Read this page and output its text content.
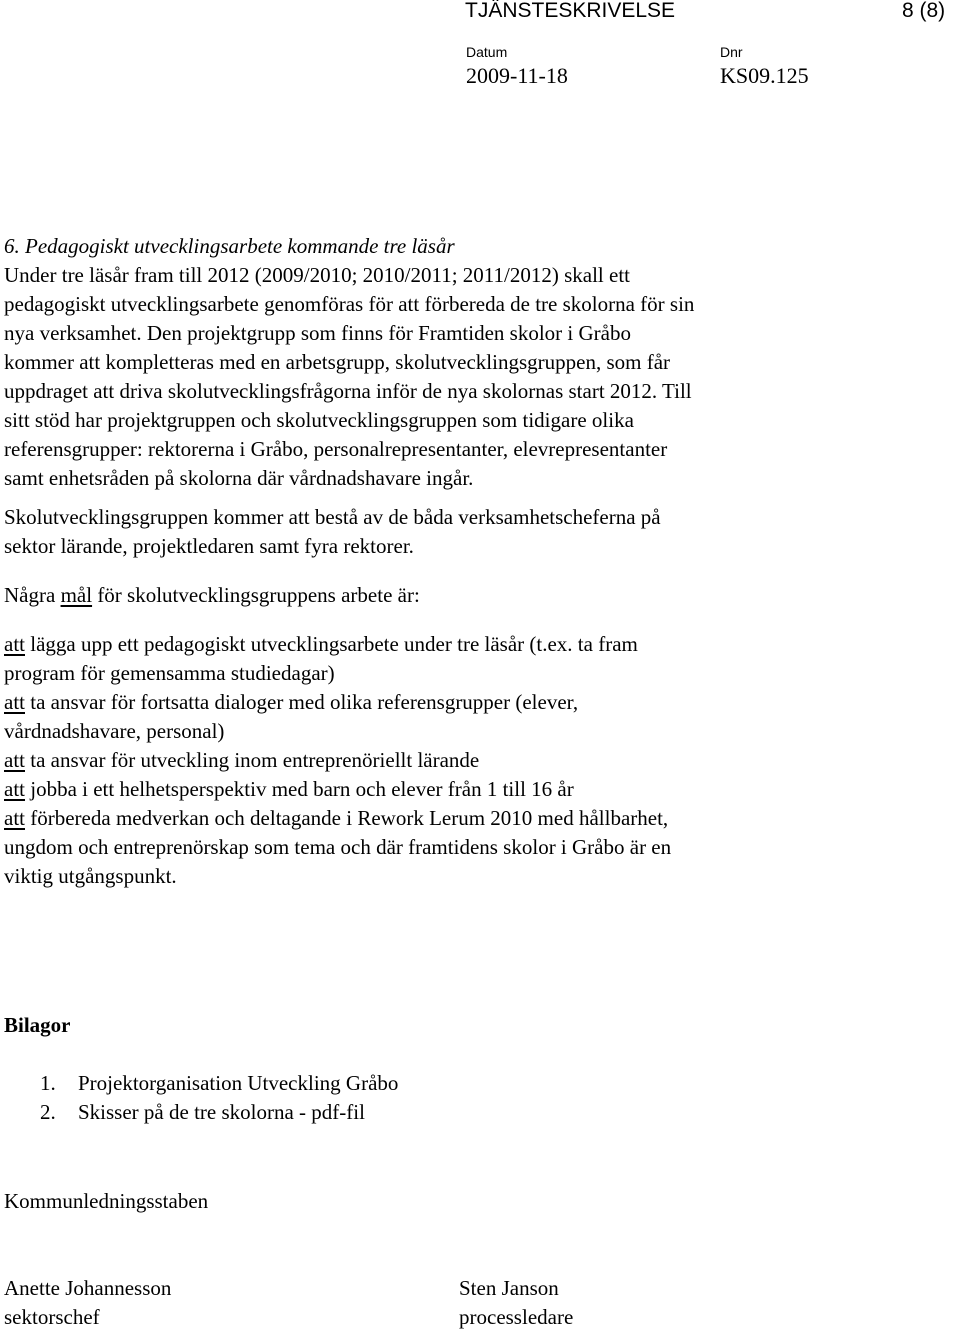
TJÄNSTESKRIVELSE	8 (8)
Datum
2009-11-18
Dnr
KS09.125

6. Pedagogiskt utvecklingsarbete kommande tre läsår

Under tre läsår fram till 2012 (2009/2010; 2010/2011; 2011/2012) skall ett

pedagogiskt utvecklingsarbete genomföras för att förbereda de tre skolorna för sin

nya verksamhet. Den projektgrupp som finns för Framtiden skolor i Gråbo

kommer att kompletteras med en arbetsgrupp, skolutvecklingsgruppen, som får

uppdraget att driva skolutvecklingsfrågorna inför de nya skolornas start 2012. Till

sitt stöd har projektgruppen och skolutvecklingsgruppen som tidigare olika

referensgrupper: rektorerna i Gråbo, personalrepresentanter, elevrepresentanter

samt enhetsråden på skolorna där vårdnadshavare ingår.

Skolutvecklingsgruppen kommer att bestå av de båda verksamhetscheferna på

sektor lärande, projektledaren samt fyra rektorer.

Några mål för skolutvecklingsgruppens arbete är:

att lägga upp ett pedagogiskt utvecklingsarbete under tre läsår (t.ex. ta fram

program för gemensamma studiedagar)

att ta ansvar för fortsatta dialoger med olika referensgrupper (elever,

vårdnadshavare, personal)

att ta ansvar för utveckling inom entreprenöriellt lärande

att jobba i ett helhetsperspektiv med barn och elever från 1 till 16 år

att förbereda medverkan och deltagande i Rework Lerum 2010 med hållbarhet,

ungdom och entreprenörskap som tema och där framtidens skolor i Gråbo är en

viktig utgångspunkt.

Bilagor
1. Projektorganisation Utveckling Gråbo
2. Skisser på de tre skolorna - pdf-fil
Kommunledningsstaben
Anette Johannesson
sektorschef
Sten Janson
processledare
